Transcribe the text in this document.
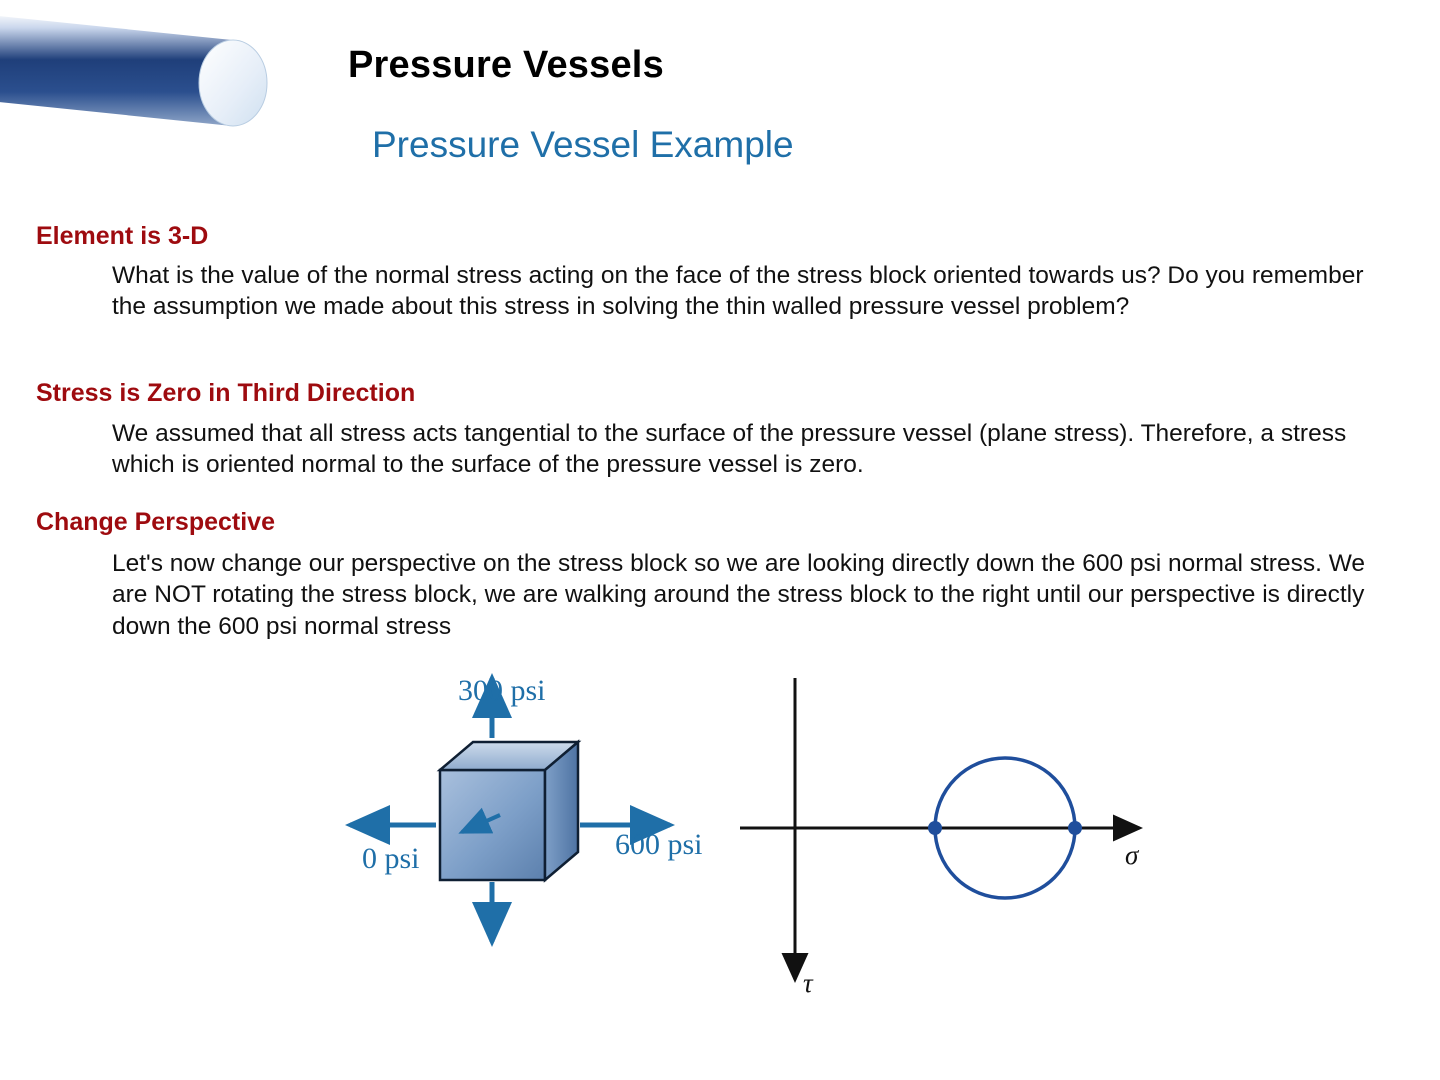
Pressure Vessels
Pressure Vessel Example
Element is 3-D
What is the value of the normal stress acting on the face of the stress block oriented towards us? Do you remember the assumption we made about this stress in solving the thin walled pressure vessel problem?
Stress is Zero in Third Direction
We assumed that all stress acts tangential to the surface of the pressure vessel (plane stress). Therefore, a stress which is oriented normal to the surface of the pressure vessel is zero.
Change Perspective
Let's now change our perspective on the stress block so we are looking directly down the 600 psi normal stress. We are NOT rotating the stress block, we are walking around the stress block to the right until our perspective is directly down the 600 psi normal stress
300 psi
600 psi
0 psi	σ
τ
